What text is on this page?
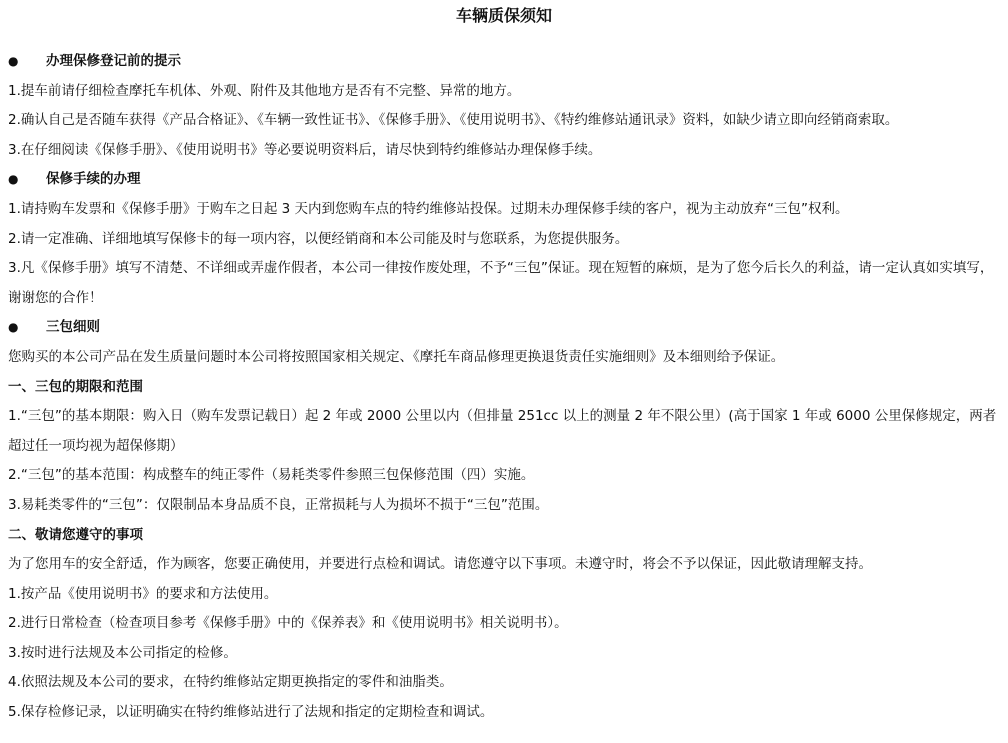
车辆质保须知
● 办理保修登记前的提示

1.提车前请仔细检查摩托车机体、外观、附件及其他地方是否有不完整、异常的地方。

2.确认自己是否随车获得《产品合格证》、《车辆一致性证书》、《保修手册》、《使用说明书》、《特约维修站通讯录》资料，如缺少请立即向经销商索取。

3.在仔细阅读《保修手册》、《使用说明书》等必要说明资料后，请尽快到特约维修站办理保修手续。

● 保修手续的办理

1.请持购车发票和《保修手册》于购车之日起 3 天内到您购车点的特约维修站投保。过期未办理保修手续的客户，视为主动放弃“三包”权利。

2.请一定准确、详细地填写保修卡的每一项内容，以便经销商和本公司能及时与您联系，为您提供服务。

3.凡《保修手册》填写不清楚、不详细或弄虚作假者，本公司一律按作废处理，不予“三包”保证。现在短暂的麻烦，是为了您今后长久的利益，请一定认真如实填写，谢谢您的合作！

● 三包细则

您购买的本公司产品在发生质量问题时本公司将按照国家相关规定、《摩托车商品修理更换退货责任实施细则》及本细则给予保证。

一、三包的期限和范围

1.“三包”的基本期限：购入日（购车发票记载日）起 2 年或 2000 公里以内（但排量 251cc 以上的测量 2 年不限公里）(高于国家 1 年或 6000 公里保修规定，两者超过任一项均视为超保修期）

2.“三包”的基本范围：构成整车的纯正零件（易耗类零件参照三包保修范围（四）实施。

3.易耗类零件的“三包”：仅限制品本身品质不良，正常损耗与人为损坏不损于“三包”范围。

二、敬请您遵守的事项

为了您用车的安全舒适，作为顾客，您要正确使用，并要进行点检和调试。请您遵守以下事项。未遵守时，将会不予以保证，因此敬请理解支持。

1.按产品《使用说明书》的要求和方法使用。

2.进行日常检查（检查项目参考《保修手册》中的《保养表》和《使用说明书》相关说明书）。

3.按时进行法规及本公司指定的检修。

4.依照法规及本公司的要求，在特约维修站定期更换指定的零件和油脂类。

5.保存检修记录，以证明确实在特约维修站进行了法规和指定的定期检查和调试。
